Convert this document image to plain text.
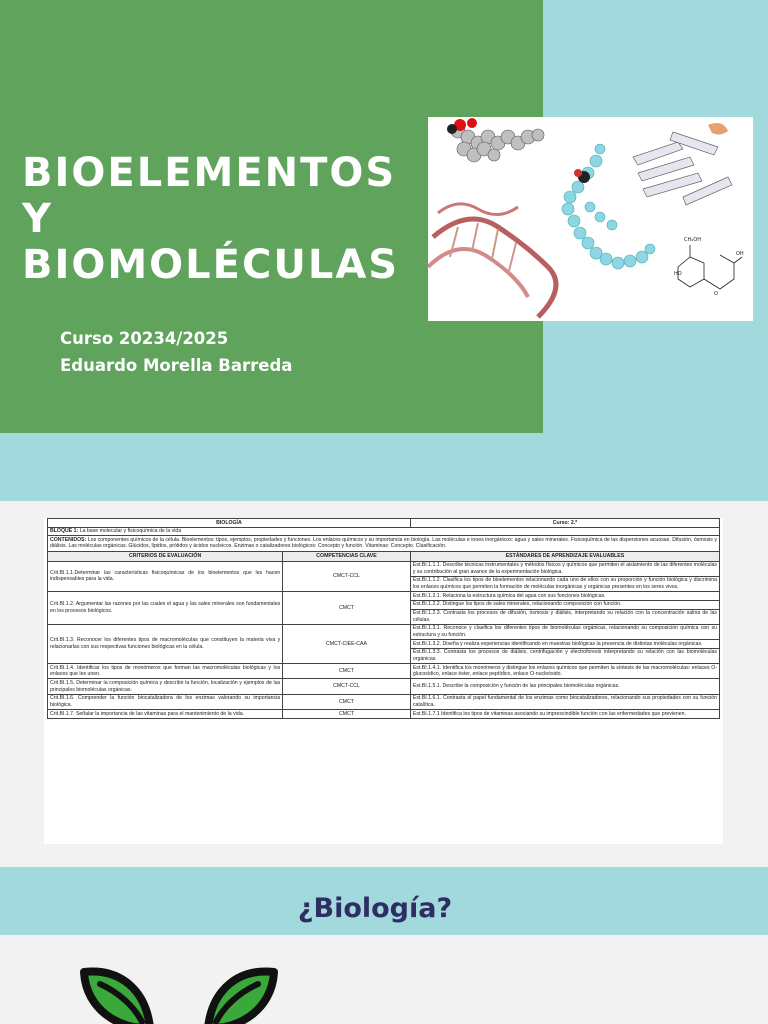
BIOELEMENTOS
Y
BIOMOLÉCULAS
Curso 20234/2025
Eduardo Morella Barreda
CH₂OH
HO
O
OH
BIOLOGÍA		Curso: 2.º
BLOQUE 1: La base molecular y fisicoquímica de la vida		
CONTENIDOS: Los componentes químicos de la célula. Bioelementos: tipos, ejemplos, propiedades y funciones. Los enlaces químicos y su importancia en biología. Las moléculas e iones inorgánicos: agua y sales minerales. Fisicoquímica de las dispersiones acuosas. Difusión, ósmosis y diálisis. Las moléculas orgánicas. Glúcidos, lípidos, prótidos y ácidos nucleicos. Enzimas o catalizadores biológicos: Concepto y función. Vitaminas: Concepto. Clasificación.		
CRITERIOS DE EVALUACIÓN	COMPETENCIAS CLAVE	ESTÁNDARES DE APRENDIZAJE EVALUABLES
Crit.BI.1.1.Determinar las características fisicoquímicas de los bioelementos que les hacen indispensables para la vida.	CMCT-CCL	Est.BI.1.1.1. Describe técnicas instrumentales y métodos físicos y químicos que permiten el aislamiento de las diferentes moléculas y su contribución al gran avance de la experimentación biológica.
		Est.BI.1.1.2. Clasifica los tipos de bioelementos relacionando cada uno de ellos con su proporción y función biológica y discrimina los enlaces químicos que permiten la formación de moléculas inorgánicas y orgánicas presentes en los seres vivos.
Crit.BI.1.2. Argumentar las razones por las cuales el agua y las sales minerales son fundamentales en los procesos biológicos.	CMCT	Est.BI.1.2.1. Relaciona la estructura química del agua con sus funciones biológicas.
		Est.BI.1.2.2. Distingue los tipos de sales minerales, relacionando composición con función.
		Est.BI.1.2.3. Contrasta los procesos de difusión, ósmosis y diálisis, interpretando su relación con la concentración salina de las células.
Crit.BI.1.3. Reconocer los diferentes tipos de macromoléculas que constituyen la materia viva y relacionarlas con sus respectivas funciones biológicas en la célula.	CMCT-CIEE-CAA	Est.BI.1.3.1. Reconoce y clasifica los diferentes tipos de biomoléculas orgánicas, relacionando su composición química con su estructura y su función.
		Est.BI.1.3.2. Diseña y realiza experiencias identificando en muestras biológicas la presencia de distintas moléculas orgánicas.
		Est.BI.1.3.3. Contrasta los procesos de diálisis, centrifugación y electroforesis interpretando su relación con las biomoléculas orgánicas.
Crit.BI.1.4. Identificar los tipos de monómeros que forman las macromoléculas biológicas y los enlaces que les unen.	CMCT	Est.BI.1.4.1. Identifica los monómeros y distingue los enlaces químicos que permiten la síntesis de las macromoléculas: enlaces O-glucosídico, enlace éster, enlace peptídico, enlace O-nucleósido.
Crit.BI.1.5. Determinar la composición química y describir la función, localización y ejemplos de las principales biomoléculas orgánicas.	CMCT-CCL	Est.BI.1.5.1. Describe la composición y función de las principales biomoléculas orgánicas.
Crit.BI.1.6. Comprender la función biocatalizadora de los enzimas valorando su importancia biológica.	CMCT	Est.BI.1.6.1. Contrasta el papel fundamental de los enzimas como biocatalizadores, relacionando sus propiedades con su función catalítica.
Crit.BI.1.7. Señalar la importancia de las vitaminas para el mantenimiento de la vida.	CMCT	Est.BI.1.7.1 Identifica los tipos de vitaminas asociando su imprescindible función con las enfermedades que previenen.
¿Biología?
